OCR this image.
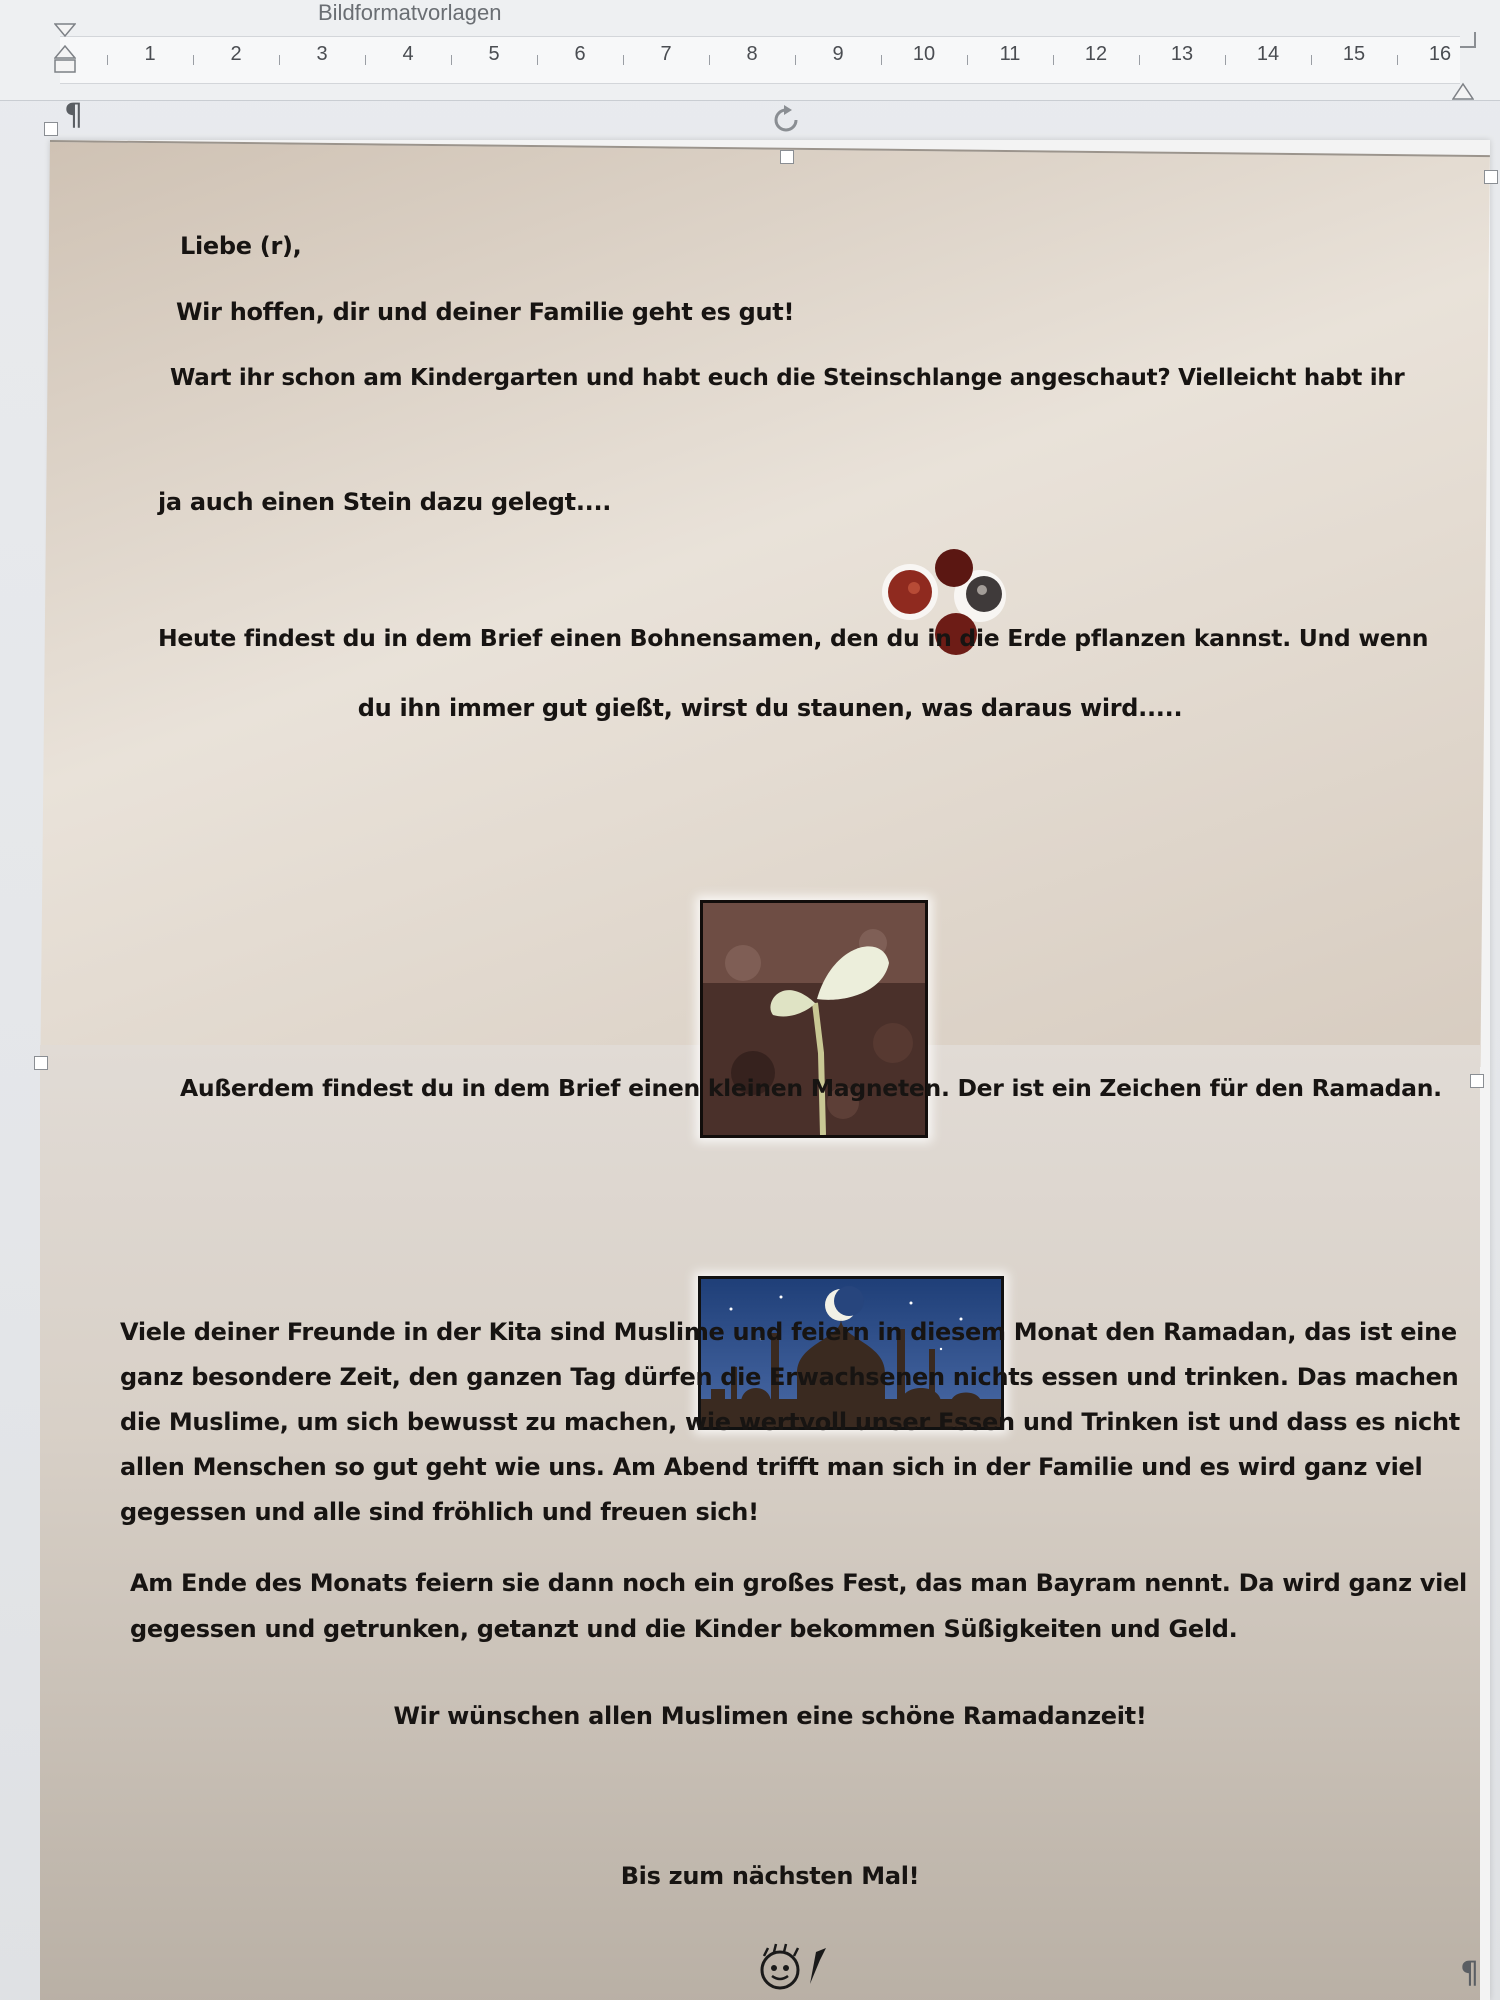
Bildformatvorlagen
1	2	3	4	5	6	7	8	9	10	11	12	13	14	15	16
¶
Liebe (r),
Wir hoffen, dir und deiner Familie geht es gut!
Wart ihr schon am Kindergarten und habt euch die Steinschlange angeschaut? Vielleicht habt ihr
ja auch einen Stein dazu gelegt....
Heute findest du in dem Brief einen Bohnensamen, den du in die Erde pflanzen kannst. Und wenn
du ihn immer gut gießt, wirst du staunen, was daraus wird.....
Außerdem findest du in dem Brief einen kleinen Magneten. Der ist ein Zeichen für den Ramadan.
Viele deiner Freunde in der Kita sind Muslime und feiern in diesem Monat den Ramadan, das ist eine ganz besondere Zeit, den ganzen Tag dürfen die Erwachsenen nichts essen und trinken. Das machen die Muslime, um sich bewusst zu machen, wie wertvoll unser Essen und Trinken ist und dass es nicht allen Menschen so gut geht wie uns. Am Abend trifft man sich in der Familie und es wird ganz viel gegessen und alle sind fröhlich und freuen sich!
Am Ende des Monats feiern sie dann noch ein großes Fest, das man Bayram nennt. Da wird ganz viel gegessen und getrunken, getanzt und die Kinder bekommen Süßigkeiten und Geld.
Wir wünschen allen Muslimen eine schöne Ramadanzeit!
Bis zum nächsten Mal!
¶
